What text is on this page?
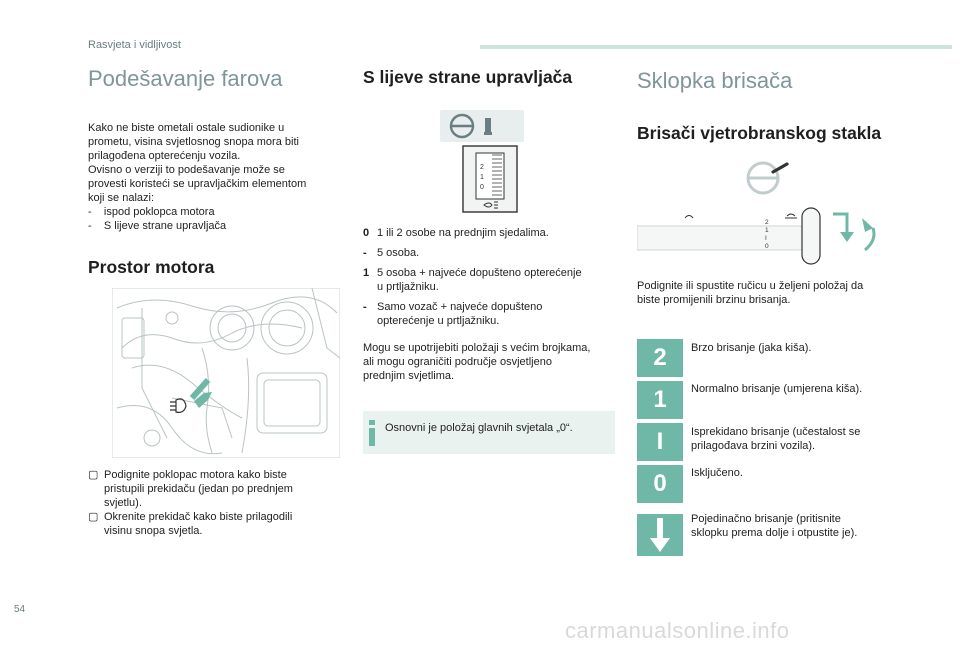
Rasvjeta i vidljivost
Podešavanje farova
Kako ne biste ometali ostale sudionike u
prometu, visina svjetlosnog snopa mora biti
prilagođena opterećenju vozila.
Ovisno o verziji to podešavanje može se
provesti koristeći se upravljačkim elementom
koji se nalazi:
-    ispod poklopca motora
-    S lijeve strane upravljača
Prostor motora
▢ Podignite poklopac motora kako biste
pristupili prekidaču (jedan po prednjem
svjetlu).
▢ Okrenite prekidač kako biste prilagodili
visinu snopa svjetla.
S lijeve strane upravljača
2
1
0
0 1 ili 2 osobe na prednjim sjedalima.
- 5 osoba.
1 5 osoba + najveće dopušteno opterećenje
u prtljažniku.
- Samo vozač + najveće dopušteno
opterećenje u prtljažniku.
Mogu se upotrijebiti položaji s većim brojkama,
ali mogu ograničiti područje osvjetljeno
prednjim svjetlima.
Osnovni je položaj glavnih svjetala „0“.
Sklopka brisača
Brisači vjetrobranskog stakla
2
1
I
0
Podignite ili spustite ručicu u željeni položaj da
biste promijenili brzinu brisanja.
2	Brzo brisanje (jaka kiša).
1	Normalno brisanje (umjerena kiša).
I	Isprekidano brisanje (učestalost se
prilagođava brzini vozila).
0	Isključeno.
Pojedinačno brisanje (pritisnite
sklopku prema dolje i otpustite je).
54
carmanualsonline.info
